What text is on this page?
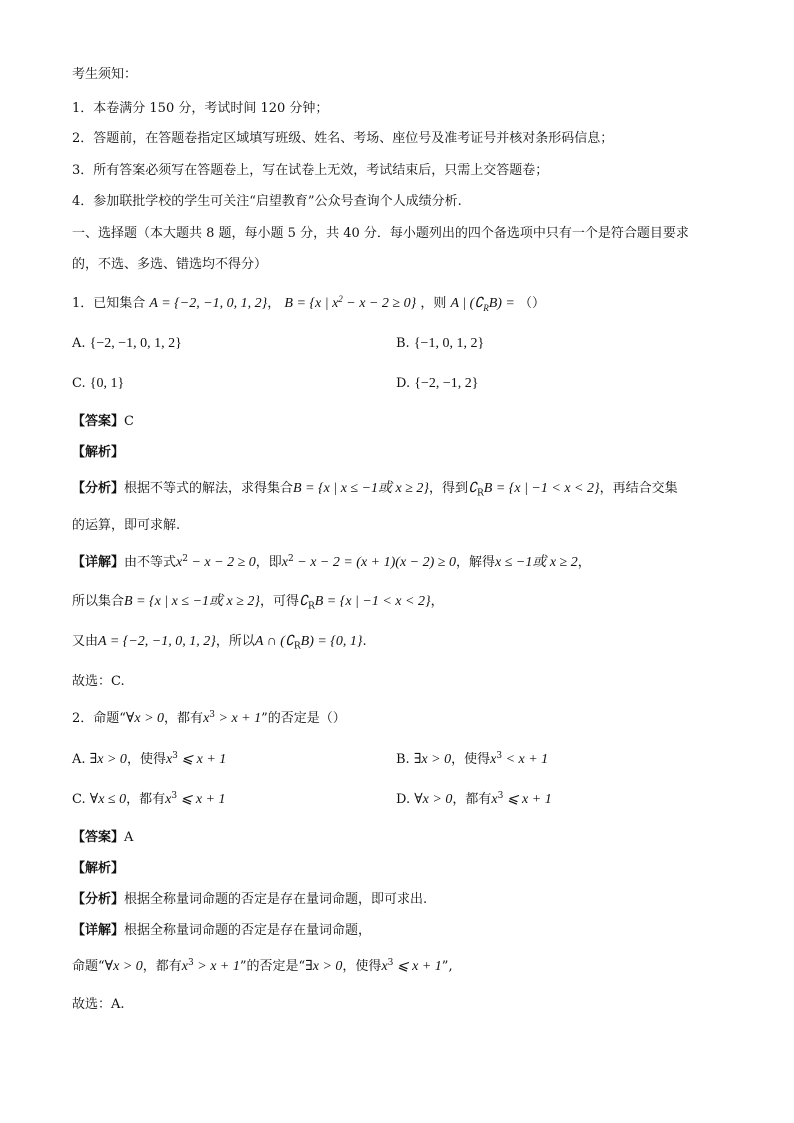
考生须知：
1．本卷满分 150 分，考试时间 120 分钟；
2．答题前，在答题卷指定区域填写班级、姓名、考场、座位号及准考证号并核对条形码信息；
3．所有答案必须写在答题卷上，写在试卷上无效，考试结束后，只需上交答题卷；
4．参加联批学校的学生可关注“启望教育”公众号查询个人成绩分析.
一、选择题（本大题共 8 题，每小题 5 分，共 40 分．每小题列出的四个备选项中只有一个是符合题目要求
的，不选、多选、错选均不得分）
1．已知集合 A = {−2, −1, 0, 1, 2}， B = {x | $x^2 - x - 2 \ge 0$} ，则 A | $(∁_RB)$ = （）
A. {−2, −1, 0, 1, 2}	B. {−1, 0, 1, 2}
C. {0, 1}	D. {−2, −1, 2}
【答案】C
【解析】
【分析】根据不等式的解法，求得集合B = {x | x ≤ −1或 x ≥ 2}，得到$∁_RB = \{x$ | −1 < x < 2}，再结合交集
的运算，即可求解.
【详解】由不等式$x^2 - x - 2 \ge 0$，即$x^2 - x - 2 = (x + 1)(x - 2) \ge 0$，解得x ≤ −1或 x ≥ 2，
所以集合B = {x | x ≤ −1或 x ≥ 2}，可得$∁_RB = \{x$ | −1 < x < 2}，
又由A = {−2, −1, 0, 1, 2}，所以A ∩ $(∁_RB) = \{0$, 1}.
故选：C.
2．命题“∀x > 0，都有$x^3 > x + 1$”的否定是（）
A. ∃x > 0，使得$x^3$ ⩽ x + 1	B. ∃x > 0，使得$x^3 < x + 1$
C. ∀x ≤ 0，都有$x^3$ ⩽ x + 1	D. ∀x > 0，都有$x^3$ ⩽ x + 1
【答案】A
【解析】
【分析】根据全称量词命题的否定是存在量词命题，即可求出.
【详解】根据全称量词命题的否定是存在量词命题，
命题“∀x > 0，都有$x^3 > x + 1$”的否定是“∃x > 0，使得$x^3$ ⩽ x + 1”,
故选：A.
